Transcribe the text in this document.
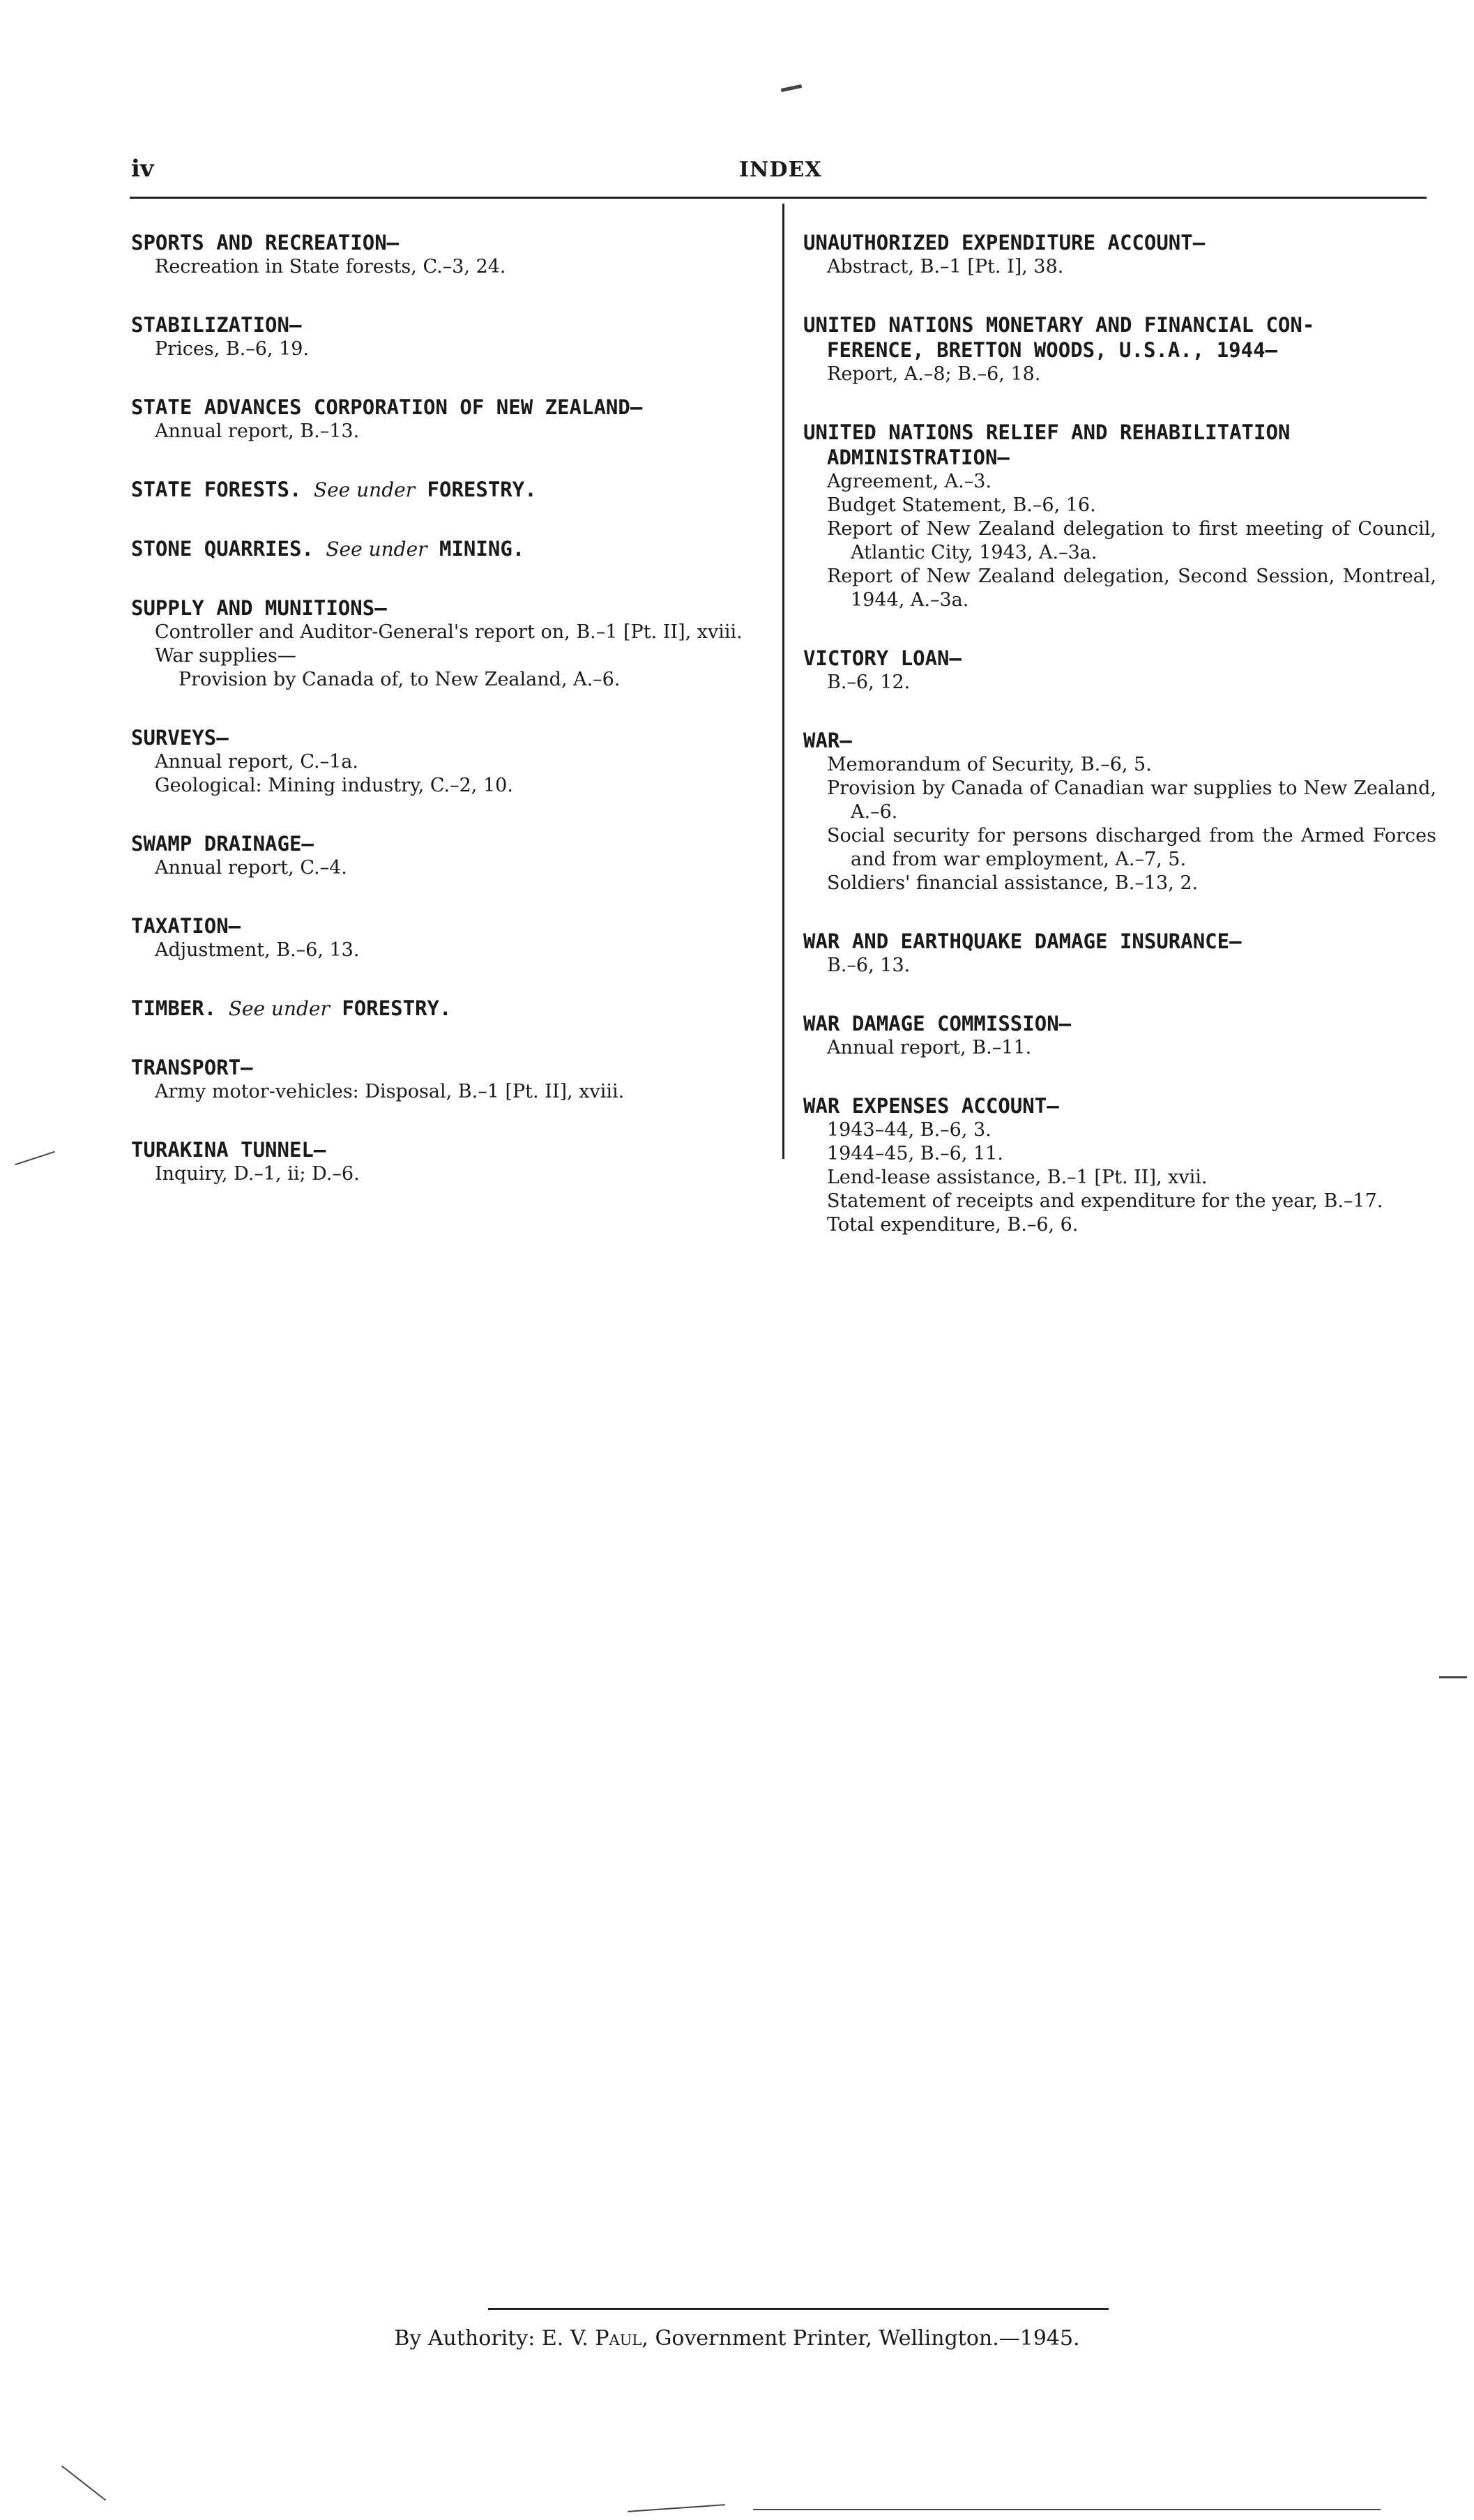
iv	INDEX
SPORTS AND RECREATION—
Recreation in State forests, C.–3, 24.
STABILIZATION—
Prices, B.–6, 19.
STATE ADVANCES CORPORATION OF NEW ZEALAND—
Annual report, B.–13.
STATE FORESTS. See under FORESTRY.
STONE QUARRIES. See under MINING.
SUPPLY AND MUNITIONS—
Controller and Auditor-General's report on, B.–1 [Pt. II], xviii.
War supplies—
Provision by Canada of, to New Zealand, A.–6.
SURVEYS—
Annual report, C.–1a.
Geological: Mining industry, C.–2, 10.
SWAMP DRAINAGE—
Annual report, C.–4.
TAXATION—
Adjustment, B.–6, 13.
TIMBER. See under FORESTRY.
TRANSPORT—
Army motor-vehicles: Disposal, B.–1 [Pt. II], xviii.
TURAKINA TUNNEL—
Inquiry, D.–1, ii; D.–6.
UNAUTHORIZED EXPENDITURE ACCOUNT—
Abstract, B.–1 [Pt. I], 38.
UNITED NATIONS MONETARY AND FINANCIAL CON-
FERENCE, BRETTON WOODS, U.S.A., 1944—
Report, A.–8; B.–6, 18.
UNITED NATIONS RELIEF AND REHABILITATION
ADMINISTRATION—
Agreement, A.–3.
Budget Statement, B.–6, 16.
Report of New Zealand delegation to first meeting of Council, Atlantic City, 1943, A.–3a.
Report of New Zealand delegation, Second Session, Montreal, 1944, A.–3a.
VICTORY LOAN—
B.–6, 12.
WAR—
Memorandum of Security, B.–6, 5.
Provision by Canada of Canadian war supplies to New Zealand, A.–6.
Social security for persons discharged from the Armed Forces and from war employment, A.–7, 5.
Soldiers' financial assistance, B.–13, 2.
WAR AND EARTHQUAKE DAMAGE INSURANCE—
B.–6, 13.
WAR DAMAGE COMMISSION—
Annual report, B.–11.
WAR EXPENSES ACCOUNT—
1943–44, B.–6, 3.
1944–45, B.–6, 11.
Lend-lease assistance, B.–1 [Pt. II], xvii.
Statement of receipts and expenditure for the year, B.–17.
Total expenditure, B.–6, 6.
By Authority: E. V. Paul, Government Printer, Wellington.—1945.
